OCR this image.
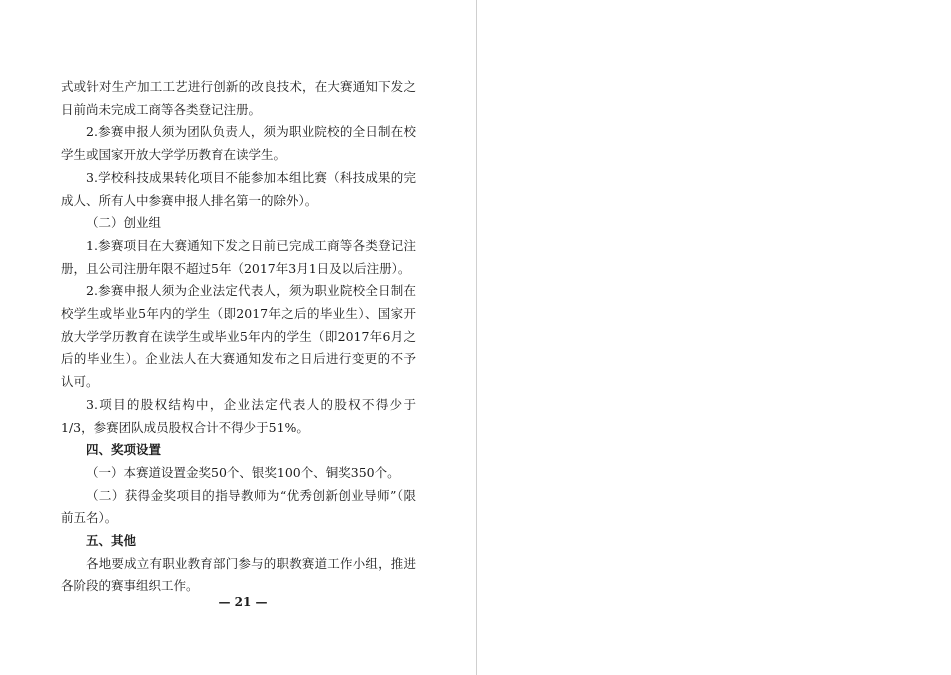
式或针对生产加工工艺进行创新的改良技术，在大赛通知下发之日前尚未完成工商等各类登记注册。

2.参赛申报人须为团队负责人，须为职业院校的全日制在校学生或国家开放大学学历教育在读学生。

3.学校科技成果转化项目不能参加本组比赛（科技成果的完成人、所有人中参赛申报人排名第一的除外）。

（二）创业组

1.参赛项目在大赛通知下发之日前已完成工商等各类登记注册，且公司注册年限不超过5年（2017年3月1日及以后注册）。

2.参赛申报人须为企业法定代表人，须为职业院校全日制在校学生或毕业5年内的学生（即2017年之后的毕业生）、国家开放大学学历教育在读学生或毕业5年内的学生（即2017年6月之后的毕业生）。企业法人在大赛通知发布之日后进行变更的不予认可。

3.项目的股权结构中，企业法定代表人的股权不得少于1/3，参赛团队成员股权合计不得少于51%。

四、奖项设置

（一）本赛道设置金奖50个、银奖100个、铜奖350个。

（二）获得金奖项目的指导教师为“优秀创新创业导师”（限前五名）。

五、其他

各地要成立有职业教育部门参与的职教赛道工作小组，推进各阶段的赛事组织工作。

— 21 —
